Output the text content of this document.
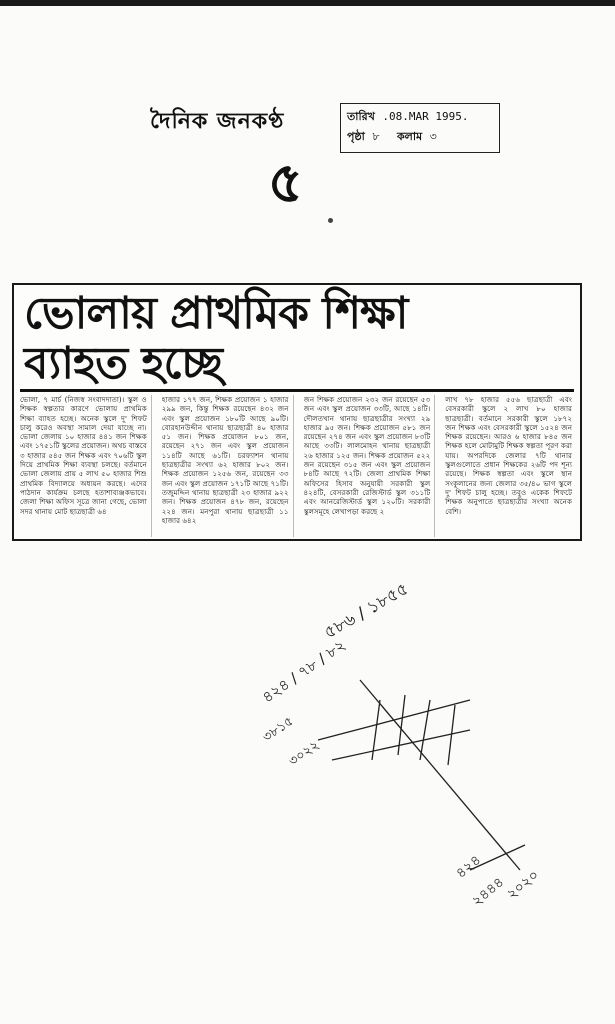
দৈনিক জনকণ্ঠ
৫
তারিখ .08.MAR 1995.
পৃষ্ঠা ৮ কলাম ৩
ভোলায় প্রাথমিক শিক্ষা
ব্যাহত হচ্ছে
ভোলা, ৭ মার্চ (নিজস্ব সংবাদদাতা)। স্কুল ও শিক্ষক স্বল্পতার কারণে ভোলায় প্রাথমিক শিক্ষা ব্যাহত হচ্ছে। অনেক স্কুলে দু' শিফট চালু করেও অবস্থা সামাল দেয়া যাচ্ছে না। ভোলা জেলায় ১০ হাজার ৪৪১ জন শিক্ষক এবং ১৭৫১টি স্কুলের প্রয়োজন। অথচ বাস্তবে ৩ হাজার ৫৪৫ জন শিক্ষক এবং ৭০৬টি স্কুল দিয়ে প্রাথমিক শিক্ষা ব্যবস্থা চলছে। বর্তমানে ভোলা জেলায় প্রায় ৫ লাখ ৫০ হাজার শিশু প্রাথমিক বিদ্যালয়ে অধ্যয়ন করছে। এদের পাঠদান কার্যক্রম চলছে হতাশাব্যঞ্জকভাবে। জেলা শিক্ষা অফিস সূত্রে জানা গেছে, ভোলা সদর থানায় মোট ছাত্রছাত্রী ৬৪
হাজার ১৭৭ জন, শিক্ষক প্রয়োজন ১ হাজার ২৯৯ জন, কিন্তু শিক্ষক রয়েছেন ৪৩২ জন এবং স্কুল প্রয়োজন ১৮০টি আছে ৯০টি। বোরহানউদ্দীন থানায় ছাত্রছাত্রী ৪০ হাজার ৫১ জন। শিক্ষক প্রয়োজন ৮০১ জন, রয়েছেন ২৭১ জন এবং স্কুল প্রয়োজন ১১৪টি আছে ৬১টি। চরফ্যাশন থানায় ছাত্রছাত্রীর সংখ্যা ৬২ হাজার ৮০২ জন। শিক্ষক প্রয়োজন ১২৫৬ জন, রয়েছেন ৩৩ জন এবং স্কুল প্রয়োজন ১৭১টি আছে ৭১টি। তজুমদ্দিন থানায় ছাত্রছাত্রী ২৩ হাজার ৯২২ জন। শিক্ষক প্রয়োজন ৪৭৮ জন, রয়েছেন ২২৪ জন। মনপুরা থানায় ছাত্রছাত্রী ১১ হাজার ৬৪২
জন শিক্ষক প্রয়োজন ২৩২ জন রয়েছেন ৫৩ জন এবং স্কুল প্রয়োজন ৩৩টি, আছে ১৪টি। দৌলতখান থানায় ছাত্রছাত্রীর সংখ্যা ২৯ হাজার ৯৫ জন। শিক্ষক প্রয়োজন ৫৮১ জন রয়েছেন ২৭৪ জন এবং স্কুল প্রয়োজন ৮৩টি আছে ৩৩টি। লালমোহন থানায় ছাত্রছাত্রী ২৬ হাজার ১২৫ জন। শিক্ষক প্রয়োজন ৫২২ জন রয়েছেন ৩১৫ জন এবং স্কুল প্রয়োজন ৮৪টি আছে ৭২টি। জেলা প্রাথমিক শিক্ষা অফিসের হিসাব অনুযায়ী সরকারী স্কুল ৪২৪টি, বেসরকারী রেজিস্টার্ড স্কুল ৩১১টি এবং আনরেজিস্টার্ড স্কুল ১২০টি। সরকারী স্কুলসমূহে লেখাপড়া করছে ২
লাখ ৭৮ হাজার ৫৫৬ ছাত্রছাত্রী এবং বেসরকারী স্কুলে ২ লাখ ৮০ হাজার ছাত্রছাত্রী। বর্তমানে সরকারী স্কুলে ১৮৭২ জন শিক্ষক এবং বেসরকারী স্কুলে ১৫২৪ জন শিক্ষক রয়েছেন। আরও ৬ হাজার ৮৪৫ জন শিক্ষক হলে মোটামুটি শিক্ষক স্বল্পতা পূরণ করা যায়। অপরদিকে জেলার ৭টি থানার স্কুলগুলোতে প্রধান শিক্ষকের ২৬টি পদ শূন্য রয়েছে। শিক্ষক স্বল্পতা এবং স্কুলে স্থান সংকুলানের জন্য জেলার ৩৫/৪০ ভাগ স্কুলে দু' শিফট চালু হচ্ছে। তবুও একেক শিফটে শিক্ষক অনুপাতে ছাত্রছাত্রীর সংখ্যা অনেক বেশি।
৫৮৬ / ১৮৫৫
৪২৪ / ৭৮ / ৮২
৩৮১৫
৩০২২
৪২৪
২৪৪৪
২০২০
